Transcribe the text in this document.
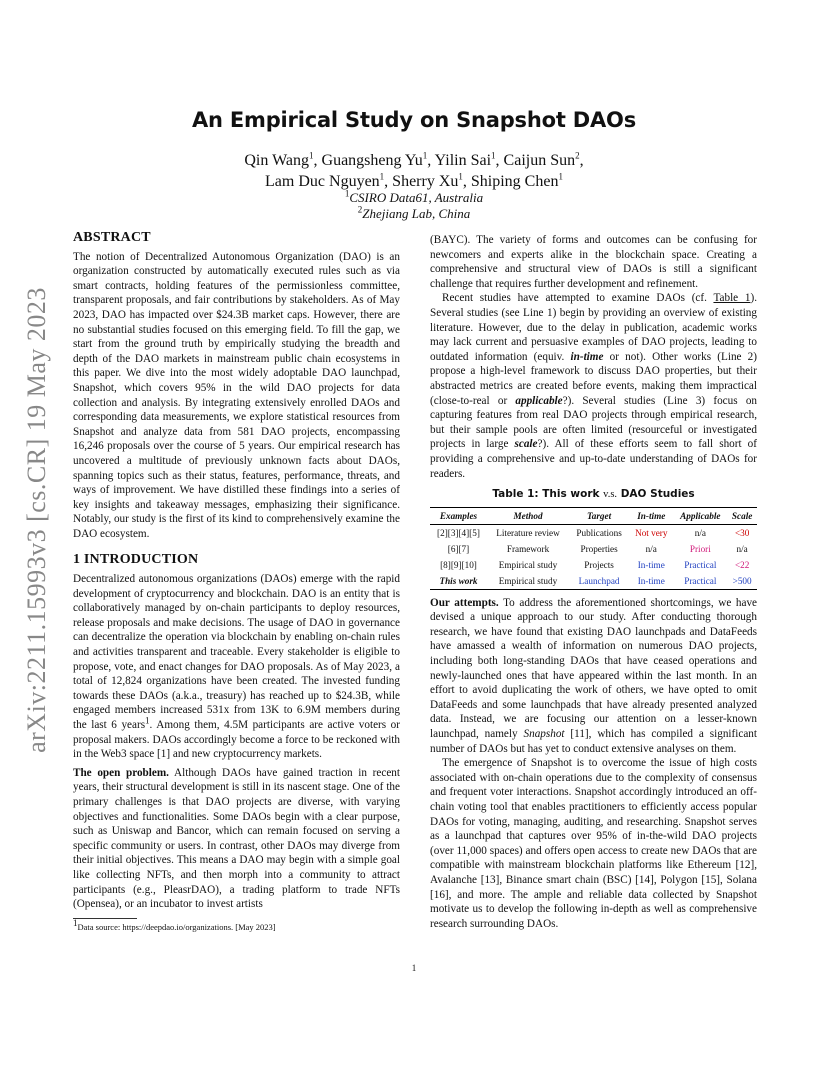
arXiv:2211.15993v3 [cs.CR] 19 May 2023
An Empirical Study on Snapshot DAOs
Qin Wang$^1$, Guangsheng Yu$^1$, Yilin Sai$^1$, Caijun Sun$^2$,
Lam Duc Nguyen$^1$, Sherry Xu$^1$, Shiping Chen$^1$
$^1$CSIRO Data61, Australia
$^2$Zhejiang Lab, China
ABSTRACT

The notion of Decentralized Autonomous Organization (DAO) is an organization constructed by automatically executed rules such as via smart contracts, holding features of the permissionless committee, transparent proposals, and fair contributions by stakeholders. As of May 2023, DAO has impacted over $24.3B market caps. However, there are no substantial studies focused on this emerging field. To fill the gap, we start from the ground truth by empirically studying the breadth and depth of the DAO markets in mainstream public chain ecosystems in this paper. We dive into the most widely adoptable DAO launchpad, Snapshot, which covers 95% in the wild DAO projects for data collection and analysis. By integrating extensively enrolled DAOs and corresponding data measurements, we explore statistical resources from Snapshot and analyze data from 581 DAO projects, encompassing 16,246 proposals over the course of 5 years. Our empirical research has uncovered a multitude of previously unknown facts about DAOs, spanning topics such as their status, features, performance, threats, and ways of improvement. We have distilled these findings into a series of key insights and takeaway messages, emphasizing their significance. Notably, our study is the first of its kind to comprehensively examine the DAO ecosystem.

1 INTRODUCTION

Decentralized autonomous organizations (DAOs) emerge with the rapid development of cryptocurrency and blockchain. DAO is an entity that is collaboratively managed by on-chain participants to deploy resources, release proposals and make decisions. The usage of DAO in governance can decentralize the operation via blockchain by enabling on-chain rules and activities transparent and traceable. Every stakeholder is eligible to propose, vote, and enact changes for DAO proposals. As of May 2023, a total of 12,824 organizations have been created. The invested funding towards these DAOs (a.k.a., treasury) has reached up to $24.3B, while engaged members increased 531x from 13K to 6.9M members during the last 6 years$^1$. Among them, 4.5M participants are active voters or proposal makers. DAOs accordingly become a force to be reckoned with in the Web3 space [1] and new cryptocurrency markets.

The open problem. Although DAOs have gained traction in recent years, their structural development is still in its nascent stage. One of the primary challenges is that DAO projects are diverse, with varying objectives and functionalities. Some DAOs begin with a clear purpose, such as Uniswap and Bancor, which can remain focused on serving a specific community or users. In contrast, other DAOs may diverge from their initial objectives. This means a DAO may begin with a simple goal like collecting NFTs, and then morph into a community to attract participants (e.g., PleasrDAO), a trading platform to trade NFTs (Opensea), or an incubator to invest artists

$^1$Data source: https://deepdao.io/organizations. [May 2023]

(BAYC). The variety of forms and outcomes can be confusing for newcomers and experts alike in the blockchain space. Creating a comprehensive and structural view of DAOs is still a significant challenge that requires further development and refinement.

Recent studies have attempted to examine DAOs (cf. Table 1). Several studies (see Line 1) begin by providing an overview of existing literature. However, due to the delay in publication, academic works may lack current and persuasive examples of DAO projects, leading to outdated information (equiv. in-time or not). Other works (Line 2) propose a high-level framework to discuss DAO properties, but their abstracted metrics are created before events, making them impractical (close-to-real or applicable?). Several studies (Line 3) focus on capturing features from real DAO projects through empirical research, but their sample pools are often limited (resourceful or investigated projects in large scale?). All of these efforts seem to fall short of providing a comprehensive and up-to-date understanding of DAOs for readers.

Table 1: This work v.s. DAO Studies
Examples	Method	Target	In-time	Applicable	Scale
[2][3][4][5]	Literature review	Publications	Not very	n/a	<30
[6][7]	Framework	Properties	n/a	Priori	n/a
[8][9][10]	Empirical study	Projects	In-time	Practical	<22
This work	Empirical study	Launchpad	In-time	Practical	>500

Our attempts. To address the aforementioned shortcomings, we have devised a unique approach to our study. After conducting thorough research, we have found that existing DAO launchpads and DataFeeds have amassed a wealth of information on numerous DAO projects, including both long-standing DAOs that have ceased operations and newly-launched ones that have appeared within the last month. In an effort to avoid duplicating the work of others, we have opted to omit DataFeeds and some launchpads that have already presented analyzed data. Instead, we are focusing our attention on a lesser-known launchpad, namely Snapshot [11], which has compiled a significant number of DAOs but has yet to conduct extensive analyses on them.

The emergence of Snapshot is to overcome the issue of high costs associated with on-chain operations due to the complexity of consensus and frequent voter interactions. Snapshot accordingly introduced an off-chain voting tool that enables practitioners to efficiently access popular DAOs for voting, managing, auditing, and researching. Snapshot serves as a launchpad that captures over 95% of in-the-wild DAO projects (over 11,000 spaces) and offers open access to create new DAOs that are compatible with mainstream blockchain platforms like Ethereum [12], Avalanche [13], Binance smart chain (BSC) [14], Polygon [15], Solana [16], and more. The ample and reliable data collected by Snapshot motivate us to develop the following in-depth as well as comprehensive research surrounding DAOs.

1
